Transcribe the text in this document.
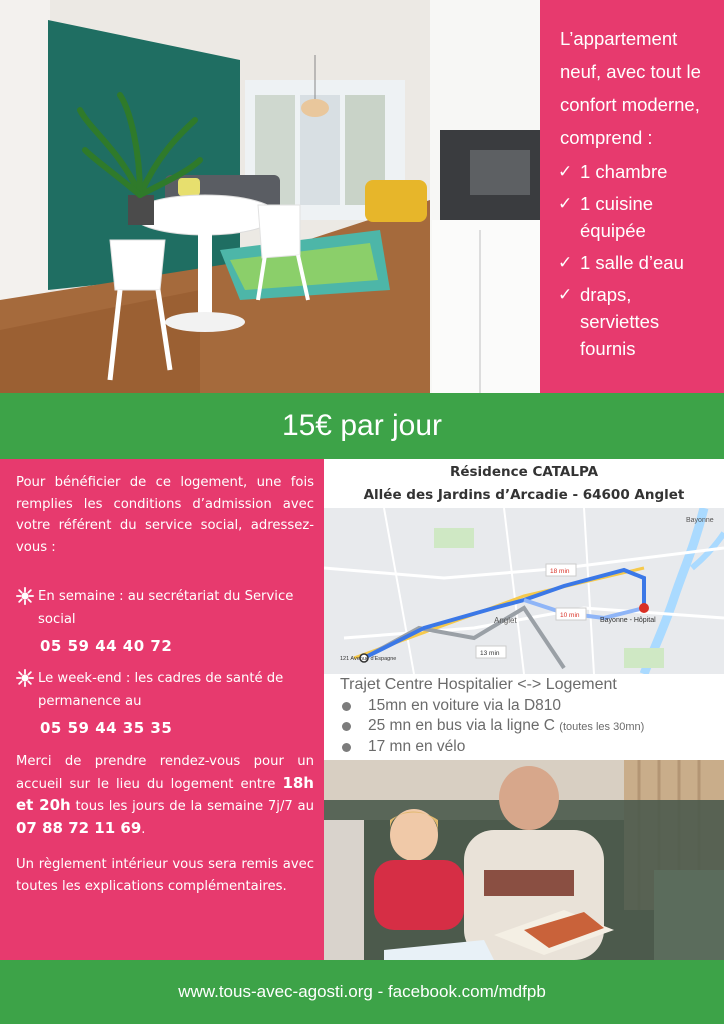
L’appartement neuf, avec tout le confort moderne, comprend :

✓ 1 chambre
✓ 1 cuisine équipée
✓ 1 salle d’eau
✓ draps, serviettes fournis
15€ par jour

Pour bénéficier de ce logement, une fois remplies les conditions d’admission avec votre référent du service social, adressez-vous :

En semaine : au secrétariat du Service social

05 59 44 40 72

Le week-end : les cadres de santé de permanence au

05 59 44 35 35

Merci de prendre rendez-vous pour un accueil sur le lieu du logement entre 18h et 20h tous les jours de la semaine 7j/7 au 07 88 72 11 69.

Un règlement intérieur vous sera remis avec toutes les explications complémentaires.

Résidence CATALPA
Allée des Jardins d’Arcadie - 64600 Anglet
Bayonne
Bayonne - Hôpital
Anglet
121 Avenue d'Espagne
18 min
10 min
13 min

Trajet Centre Hospitalier <-> Logement

15mn en voiture via la D810
25 mn en bus via la ligne C (toutes les 30mn)
17 mn en vélo
www.tous-avec-agosti.org - facebook.com/mdfpb
